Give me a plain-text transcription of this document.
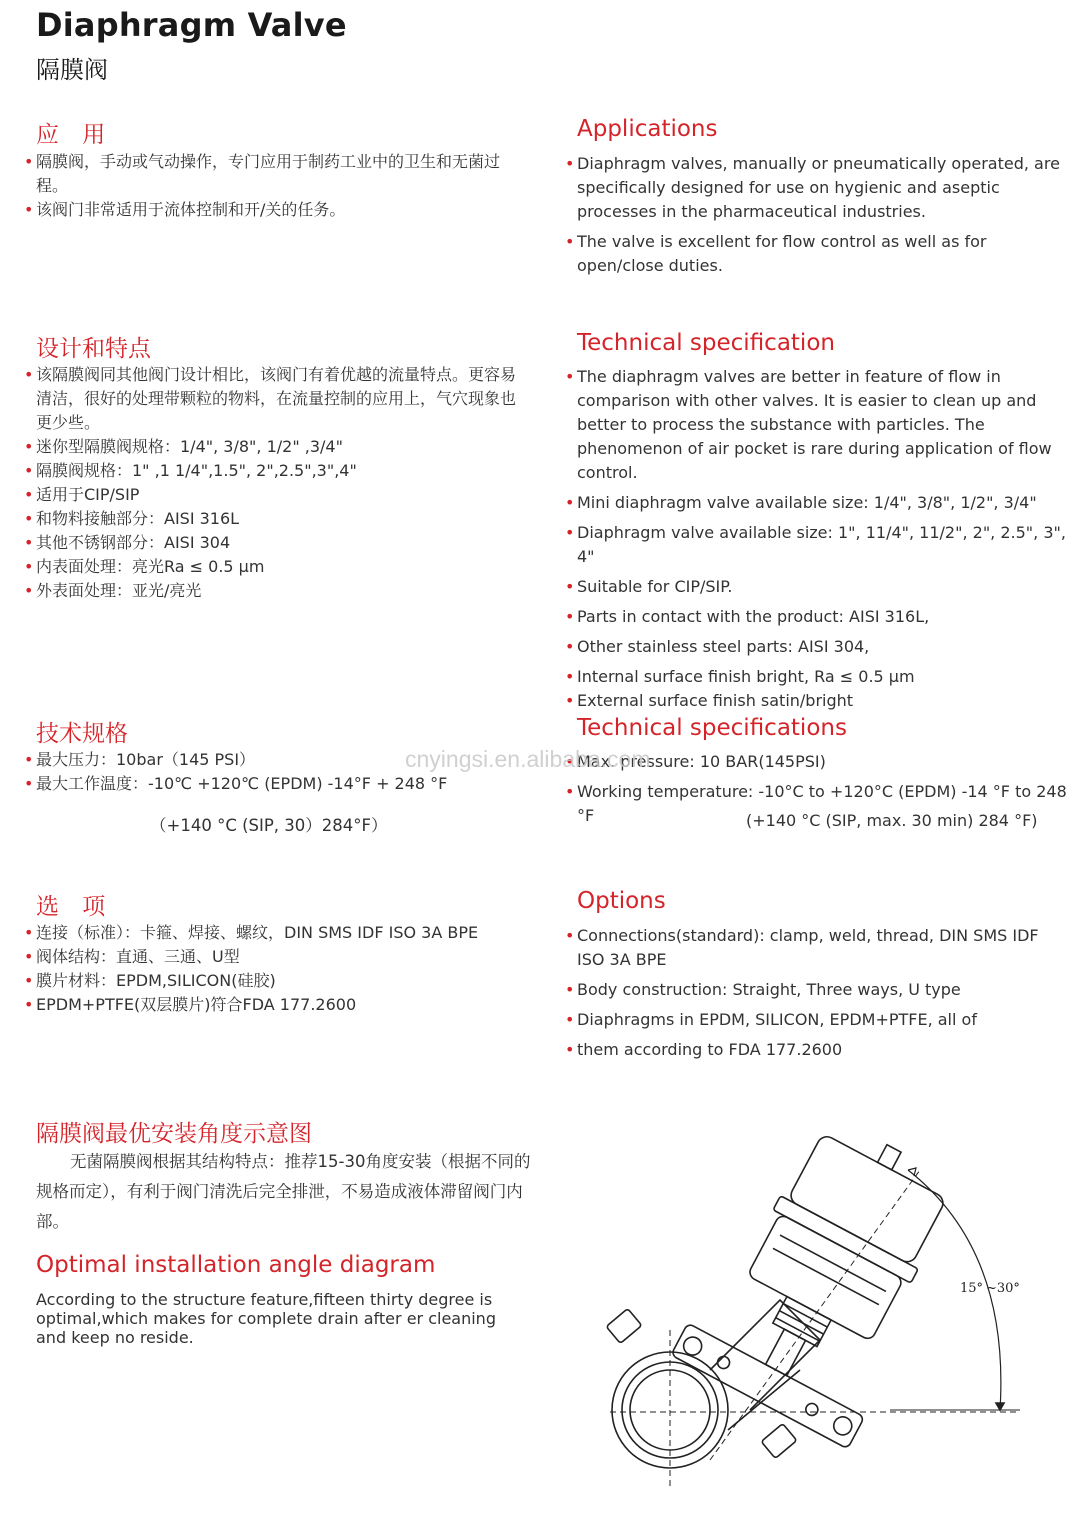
Diaphragm Valve
隔膜阀
应 用
• 隔膜阀，手动或气动操作，专门应用于制药工业中的卫生和无菌过程。
• 该阀门非常适用于流体控制和开/关的任务。
Applications
• Diaphragm valves, manually or pneumatically operated, are specifically designed for use on hygienic and aseptic processes in the pharmaceutical industries.
• The valve is excellent for flow control as well as for open/close duties.
设计和特点
• 该隔膜阀同其他阀门设计相比，该阀门有着优越的流量特点。更容易清洁，很好的处理带颗粒的物料，在流量控制的应用上，气穴现象也更少些。
• 迷你型隔膜阀规格：1/4", 3/8", 1/2" ,3/4"
• 隔膜阀规格：1" ,1 1/4",1.5", 2",2.5",3",4"
• 适用于CIP/SIP
• 和物料接触部分：AISI 316L
• 其他不锈钢部分：AISI 304
• 内表面处理：亮光Ra ≤ 0.5 μm
• 外表面处理：亚光/亮光
Technical specification
• The diaphragm valves are better in feature of flow in comparison with other valves. It is easier to clean up and better to process the substance with particles. The phenomenon of air pocket is rare during application of flow control.
• Mini diaphragm valve available size: 1/4", 3/8", 1/2", 3/4"
• Diaphragm valve available size: 1", 11/4", 11/2", 2", 2.5", 3", 4"
• Suitable for CIP/SIP.
• Parts in contact with the product: AISI 316L,
• Other stainless steel parts: AISI 304,
• Internal surface finish bright, Ra ≤ 0.5 μm
• External surface finish satin/bright
技术规格
• 最大压力：10bar（145 PSI）
• 最大工作温度：-10℃ +120℃ (EPDM) -14°F + 248 °F
（+140 °C (SIP, 30）284°F）
Technical specifications
• Max. pressure: 10 BAR(145PSI)
• Working temperature: -10°C to +120°C (EPDM) -14 °F to 248 °F	(+140 °C (SIP, max. 30 min) 284 °F)
cnyingsi.en.alibaba.com
选 项
• 连接（标准）：卡箍、焊接、螺纹，DIN SMS IDF ISO 3A BPE
• 阀体结构：直通、三通、U型
• 膜片材料：EPDM,SILICON(硅胶)
• EPDM+PTFE(双层膜片)符合FDA 177.2600
Options
• Connections(standard): clamp, weld, thread, DIN SMS IDF ISO 3A BPE
• Body construction: Straight, Three ways, U type
• Diaphragms in EPDM, SILICON, EPDM+PTFE, all of
• them according to FDA 177.2600
隔膜阀最优安装角度示意图
无菌隔膜阀根据其结构特点：推荐15-30角度安装（根据不同的规格而定），有利于阀门清洗后完全排泄，不易造成液体滞留阀门内部。
Optimal installation angle diagram
According to the structure feature,fifteen thirty degree is optimal,which makes for complete drain after er cleaning and keep no reside.
15° ~30°
